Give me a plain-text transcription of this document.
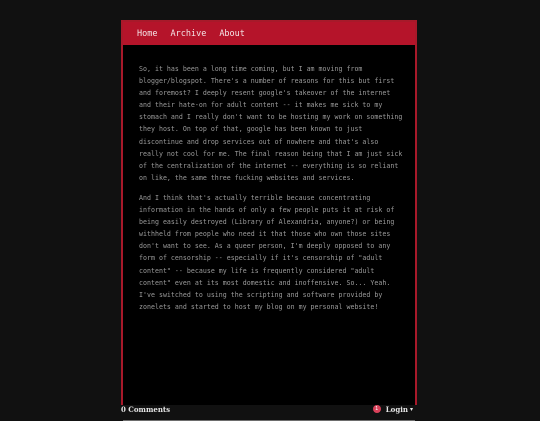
Home Archive About

So, it has been a long time coming, but I am moving from blogger/blogspot. There's a number of reasons for this but first and foremost? I deeply resent google's takeover of the internet and their hate-on for adult content -- it makes me sick to my stomach and I really don't want to be hosting my work on something they host. On top of that, google has been known to just discontinue and drop services out of nowhere and that's also really not cool for me. The final reason being that I am just sick of the centralization of the internet -- everything is so reliant on like, the same three fucking websites and services.

And I think that's actually terrible because concentrating information in the hands of only a few people puts it at risk of being easily destroyed (Library of Alexandria, anyone?) or being withheld from people who need it that those who own those sites don't want to see. As a queer person, I'm deeply opposed to any form of censorship -- especially if it's censorship of "adult content" -- because my life is frequently considered "adult content" even at its most domestic and inoffensive. So... Yeah. I've switched to using the scripting and software provided by zonelets and started to host my blog on my personal website!

0 Comments	1	Login ▾
